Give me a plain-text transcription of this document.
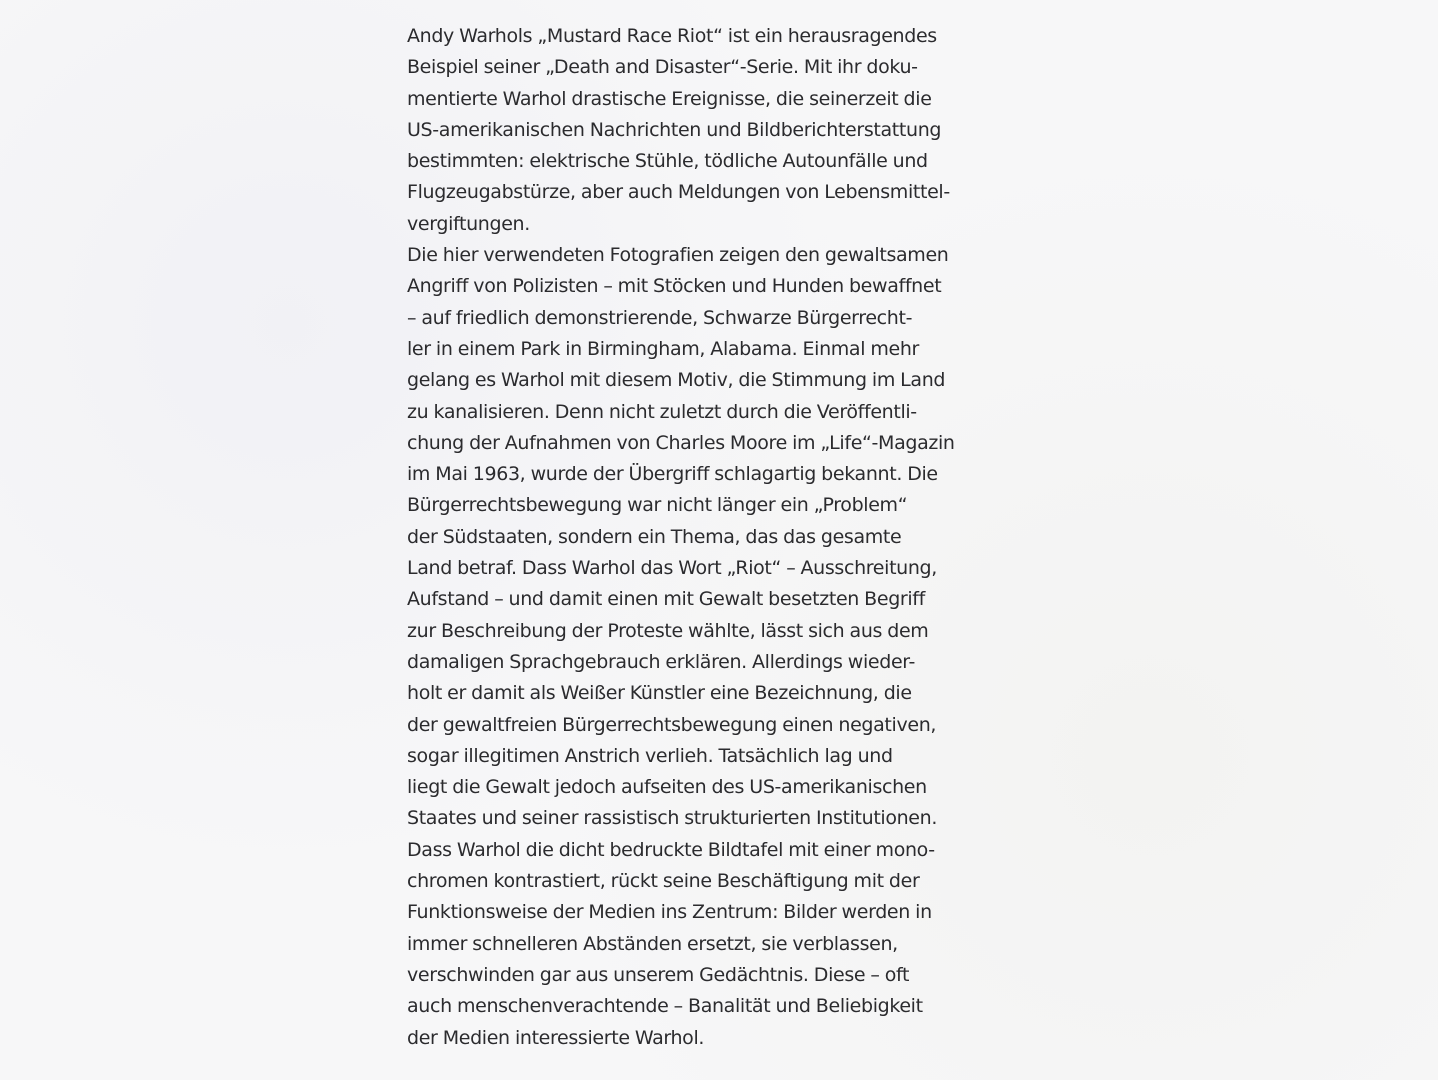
Andy Warhols „Mustard Race Riot“ ist ein herausragendes
Beispiel seiner „Death and Disaster“-Serie. Mit ihr doku-
mentierte Warhol drastische Ereignisse, die seinerzeit die
US-amerikanischen Nachrichten und Bildberichterstattung
bestimmten: elektrische Stühle, tödliche Autounfälle und
Flugzeugabstürze, aber auch Meldungen von Lebensmittel-
vergiftungen.
Die hier verwendeten Fotografien zeigen den gewaltsamen
Angriff von Polizisten – mit Stöcken und Hunden bewaffnet
– auf friedlich demonstrierende, Schwarze Bürgerrecht-
ler in einem Park in Birmingham, Alabama. Einmal mehr
gelang es Warhol mit diesem Motiv, die Stimmung im Land
zu kanalisieren. Denn nicht zuletzt durch die Veröffentli-
chung der Aufnahmen von Charles Moore im „Life“-Magazin
im Mai 1963, wurde der Übergriff schlagartig bekannt. Die
Bürgerrechtsbewegung war nicht länger ein „Problem“
der Südstaaten, sondern ein Thema, das das gesamte
Land betraf. Dass Warhol das Wort „Riot“ – Ausschreitung,
Aufstand – und damit einen mit Gewalt besetzten Begriff
zur Beschreibung der Proteste wählte, lässt sich aus dem
damaligen Sprachgebrauch erklären. Allerdings wieder-
holt er damit als Weißer Künstler eine Bezeichnung, die
der gewaltfreien Bürgerrechtsbewegung einen negativen,
sogar illegitimen Anstrich verlieh. Tatsächlich lag und
liegt die Gewalt jedoch aufseiten des US-amerikanischen
Staates und seiner rassistisch strukturierten Institutionen.
Dass Warhol die dicht bedruckte Bildtafel mit einer mono-
chromen kontrastiert, rückt seine Beschäftigung mit der
Funktionsweise der Medien ins Zentrum: Bilder werden in
immer schnelleren Abständen ersetzt, sie verblassen,
verschwinden gar aus unserem Gedächtnis. Diese – oft
auch menschenverachtende – Banalität und Beliebigkeit
der Medien interessierte Warhol.
